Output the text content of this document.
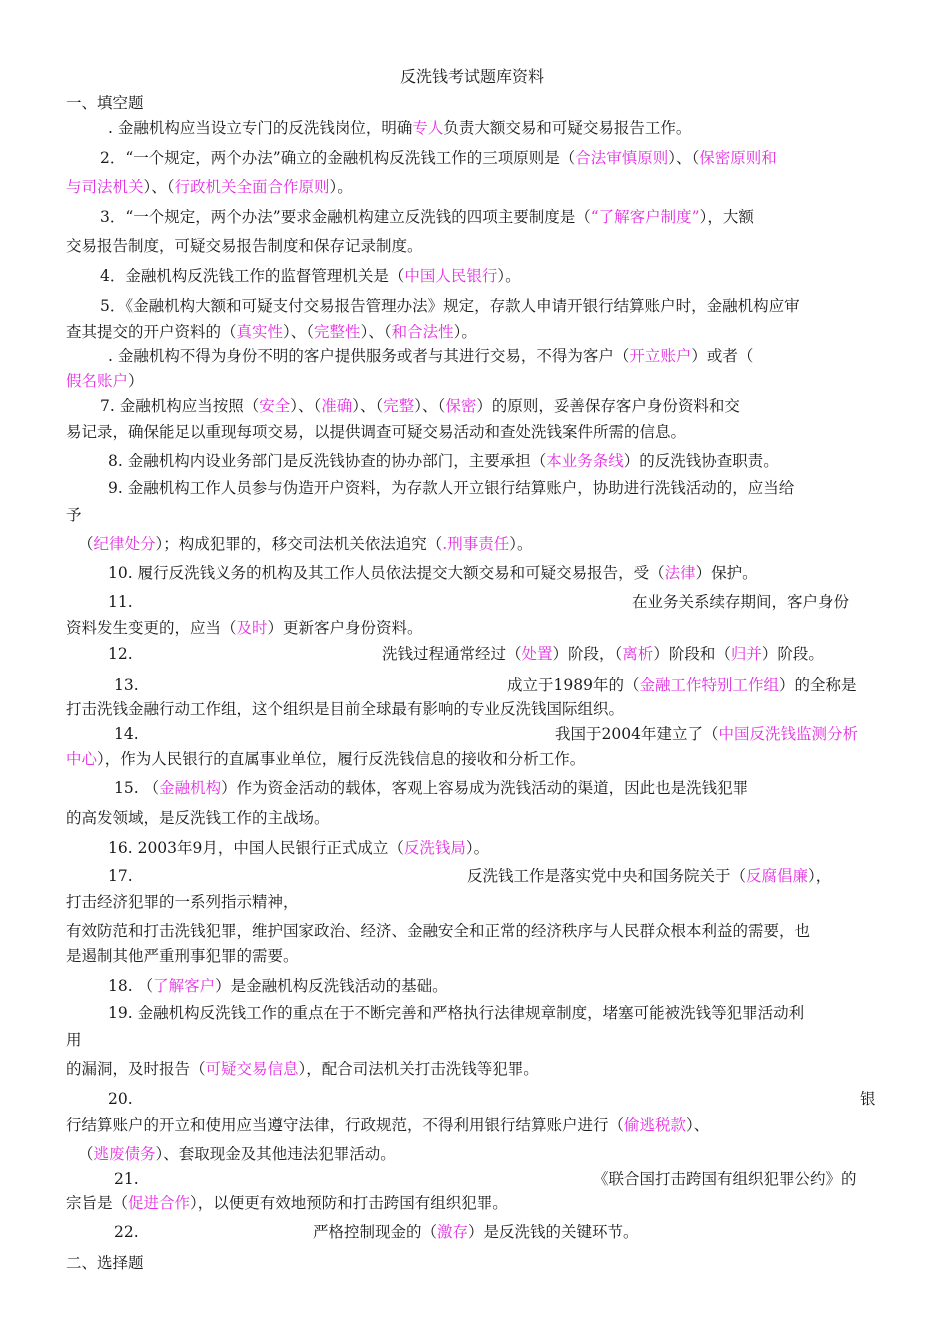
反洗钱考试题库资料
一、填空题
. 金融机构应当设立专门的反洗钱岗位，明确专人负责大额交易和可疑交易报告工作。
2．“一个规定，两个办法”确立的金融机构反洗钱工作的三项原则是（合法审慎原则）、（保密原则和
与司法机关）、（行政机关全面合作原则）。
3．“一个规定，两个办法”要求金融机构建立反洗钱的四项主要制度是（“了解客户制度”），大额
交易报告制度，可疑交易报告制度和保存记录制度。
4．金融机构反洗钱工作的监督管理机关是（中国人民银行）。
5．《金融机构大额和可疑支付交易报告管理办法》规定，存款人申请开银行结算账户时，金融机构应审
查其提交的开户资料的（真实性）、（完整性）、（和合法性）。
. 金融机构不得为身份不明的客户提供服务或者与其进行交易，不得为客户（开立账户）或者（
假名账户）
7. 金融机构应当按照（安全）、（准确）、（完整）、（保密）的原则，妥善保存客户身份资料和交
易记录，确保能足以重现每项交易，以提供调查可疑交易活动和查处洗钱案件所需的信息。
8. 金融机构内设业务部门是反洗钱协查的协办部门，主要承担（本业务条线）的反洗钱协查职责。
9. 金融机构工作人员参与伪造开户资料，为存款人开立银行结算账户，协助进行洗钱活动的，应当给
予
（纪律处分）；构成犯罪的，移交司法机关依法追究（.刑事责任）。
10. 履行反洗钱义务的机构及其工作人员依法提交大额交易和可疑交易报告，受（法律）保护。
11.	在业务关系续存期间，客户身份
资料发生变更的，应当（及时）更新客户身份资料。
12.	洗钱过程通常经过（处置）阶段，（离析）阶段和（归并）阶段。
13.	成立于1989年的（金融工作特别工作组）的全称是
打击洗钱金融行动工作组，这个组织是目前全球最有影响的专业反洗钱国际组织。
14.	我国于2004年建立了（中国反洗钱监测分析
中心），作为人民银行的直属事业单位，履行反洗钱信息的接收和分析工作。
15. （金融机构）作为资金活动的载体，客观上容易成为洗钱活动的渠道，因此也是洗钱犯罪
的高发领域，是反洗钱工作的主战场。
16. 2003年9月，中国人民银行正式成立（反洗钱局）。
17.	反洗钱工作是落实党中央和国务院关于（反腐倡廉），
打击经济犯罪的一系列指示精神，
有效防范和打击洗钱犯罪，维护国家政治、经济、金融安全和正常的经济秩序与人民群众根本利益的需要，也
是遏制其他严重刑事犯罪的需要。
18. （了解客户）是金融机构反洗钱活动的基础。
19. 金融机构反洗钱工作的重点在于不断完善和严格执行法律规章制度，堵塞可能被洗钱等犯罪活动利
用
的漏洞，及时报告（可疑交易信息），配合司法机关打击洗钱等犯罪。
20.	银
行结算账户的开立和使用应当遵守法律，行政规范，不得利用银行结算账户进行（偷逃税款）、
（逃废债务）、套取现金及其他违法犯罪活动。
21.	《联合国打击跨国有组织犯罪公约》的
宗旨是（促进合作），以便更有效地预防和打击跨国有组织犯罪。
22.	严格控制现金的（激存）是反洗钱的关键环节。
二、选择题
